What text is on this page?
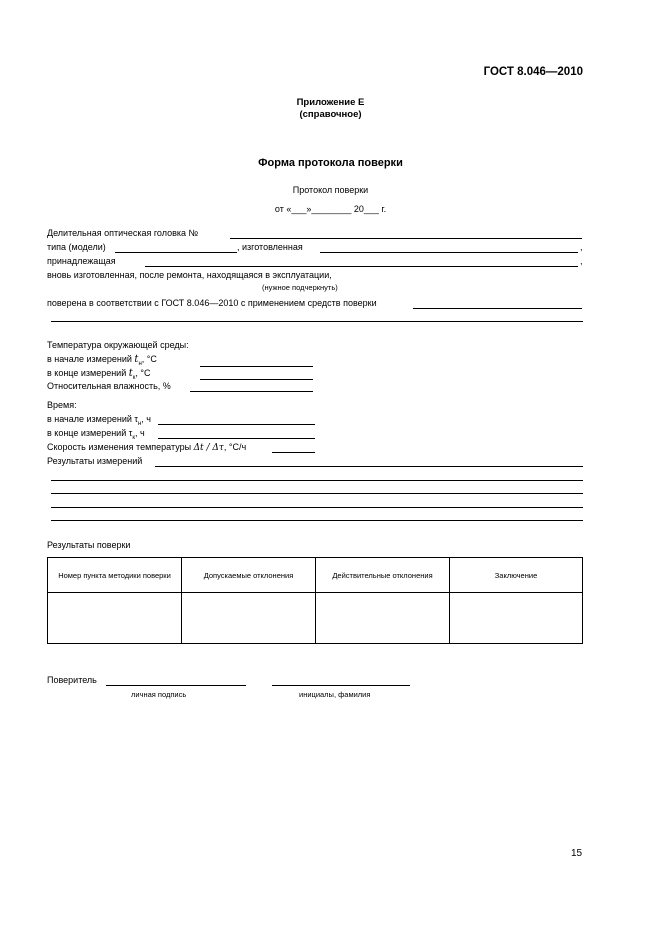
ГОСТ 8.046—2010
Приложение Е
(справочное)
Форма протокола поверки
Протокол поверки
от «___»________ 20___ г.
Делительная оптическая головка №
типа (модели)	, изготовленная	,
принадлежащая	,
вновь изготовленная, после ремонта, находящаяся в эксплуатации,
(нужное подчеркнуть)
поверена в соответствии с ГОСТ 8.046—2010 с применением средств поверки
Температура окружающей среды:
в начале измерений $t_н$, °C
в конце измерений $t_к$, °C
Относительная влажность, %
Время:
в начале измерений $\tau_н$, ч
в конце измерений $\tau_к$, ч
Скорость изменения температуры Δt / Δτ, °C/ч
Результаты измерений
Результаты поверки
Номер пункта методики поверки	Допускаемые отклонения	Действительные отклонения	Заключение

Поверитель
личная подпись	инициалы, фамилия
15
